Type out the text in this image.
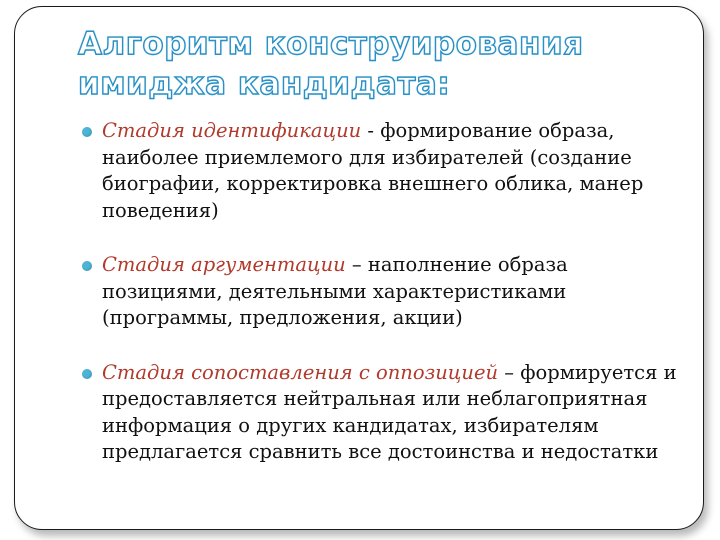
Алгоритм конструирования имиджа кандидата:
Стадия идентификации - формирование образа, наиболее приемлемого для избирателей (создание биографии, корректировка внешнего облика, манер поведения)
Стадия аргументации – наполнение образа позициями, деятельными характеристиками (программы, предложения, акции)
Стадия сопоставления с оппозицией – формируется и предоставляется нейтральная или неблагоприятная информация о других кандидатах, избирателям предлагается сравнить все достоинства и недостатки
